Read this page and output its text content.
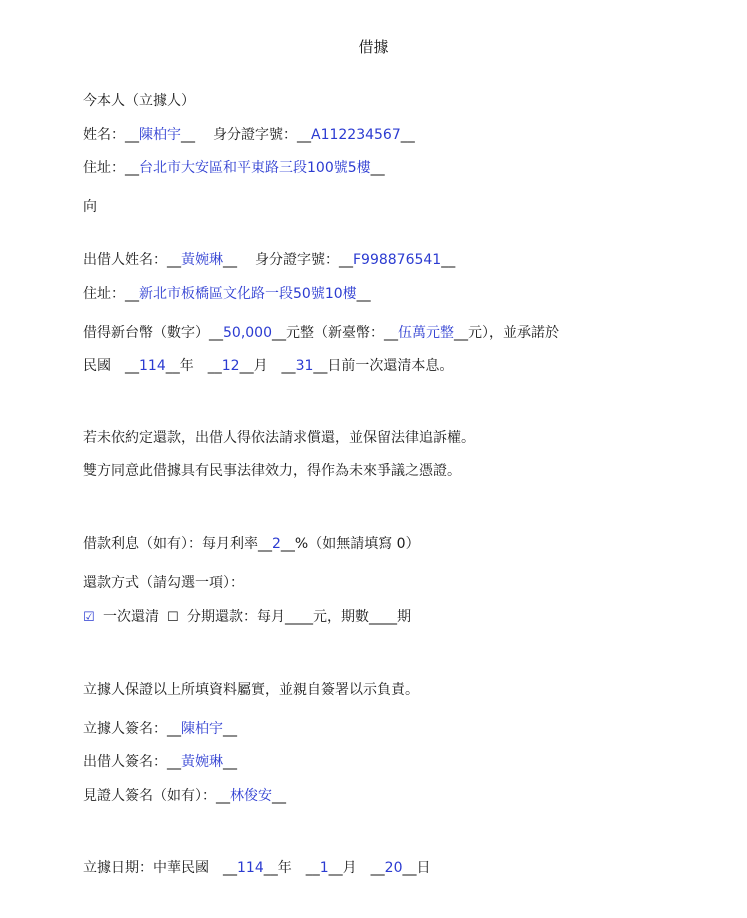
借據
今本人（立據人）
姓名：__陳柏宇__ 身分證字號：__A112234567__
住址：__台北市大安區和平東路三段100號5樓__
向
出借人姓名：__黃婉琳__ 身分證字號：__F998876541__
住址：__新北市板橋區文化路一段50號10樓__
借得新台幣（數字）__50,000__元整（新臺幣：__伍萬元整__元），並承諾於
民國　__114__年　__12__月　__31__日前一次還清本息。
若未依約定還款，出借人得依法請求償還，並保留法律追訴權。
雙方同意此借據具有民事法律效力，得作為未來爭議之憑證。
借款利息（如有）：每月利率__2__%（如無請填寫 0）
還款方式（請勾選一項）：
☑ 一次還清 ☐ 分期還款：每月____元，期數____期
立據人保證以上所填資料屬實，並親自簽署以示負責。
立據人簽名：__陳柏宇__
出借人簽名：__黃婉琳__
見證人簽名（如有）：__林俊安__
立據日期：中華民國　__114__年　__1__月　__20__日
